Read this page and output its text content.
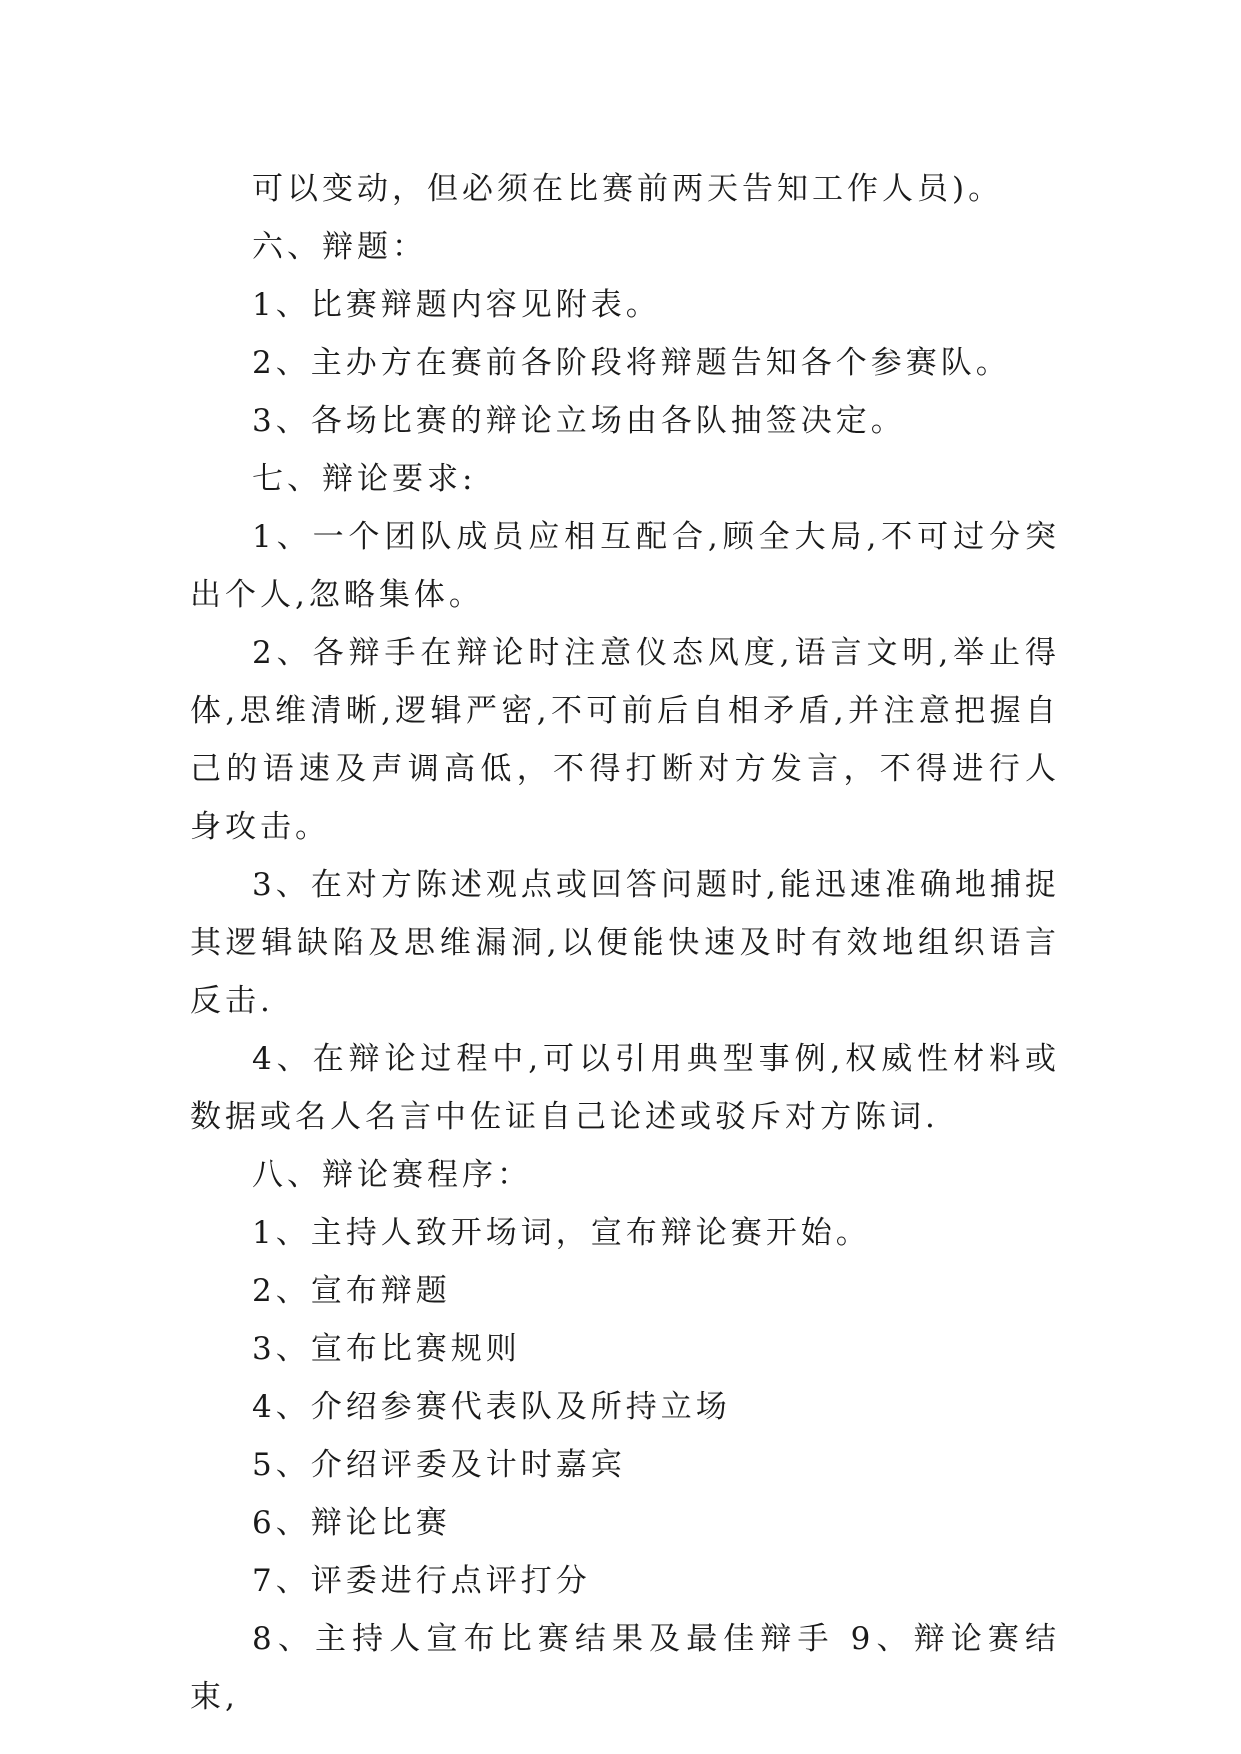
可以变动，但必须在比赛前两天告知工作人员)。

六、辩题：

1、比赛辩题内容见附表。

2、主办方在赛前各阶段将辩题告知各个参赛队。

3、各场比赛的辩论立场由各队抽签决定。

七、辩论要求:

1、一个团队成员应相互配合,顾全大局,不可过分突出个人,忽略集体。

2、各辩手在辩论时注意仪态风度,语言文明,举止得体,思维清晰,逻辑严密,不可前后自相矛盾,并注意把握自己的语速及声调高低，不得打断对方发言，不得进行人身攻击。

3、在对方陈述观点或回答问题时,能迅速准确地捕捉其逻辑缺陷及思维漏洞,以便能快速及时有效地组织语言反击.

4、在辩论过程中,可以引用典型事例,权威性材料或数据或名人名言中佐证自己论述或驳斥对方陈词.

八、辩论赛程序：

1、主持人致开场词，宣布辩论赛开始。

2、宣布辩题

3、宣布比赛规则

4、介绍参赛代表队及所持立场

5、介绍评委及计时嘉宾

6、辩论比赛

7、评委进行点评打分

8、主持人宣布比赛结果及最佳辩手 9、辩论赛结束,
